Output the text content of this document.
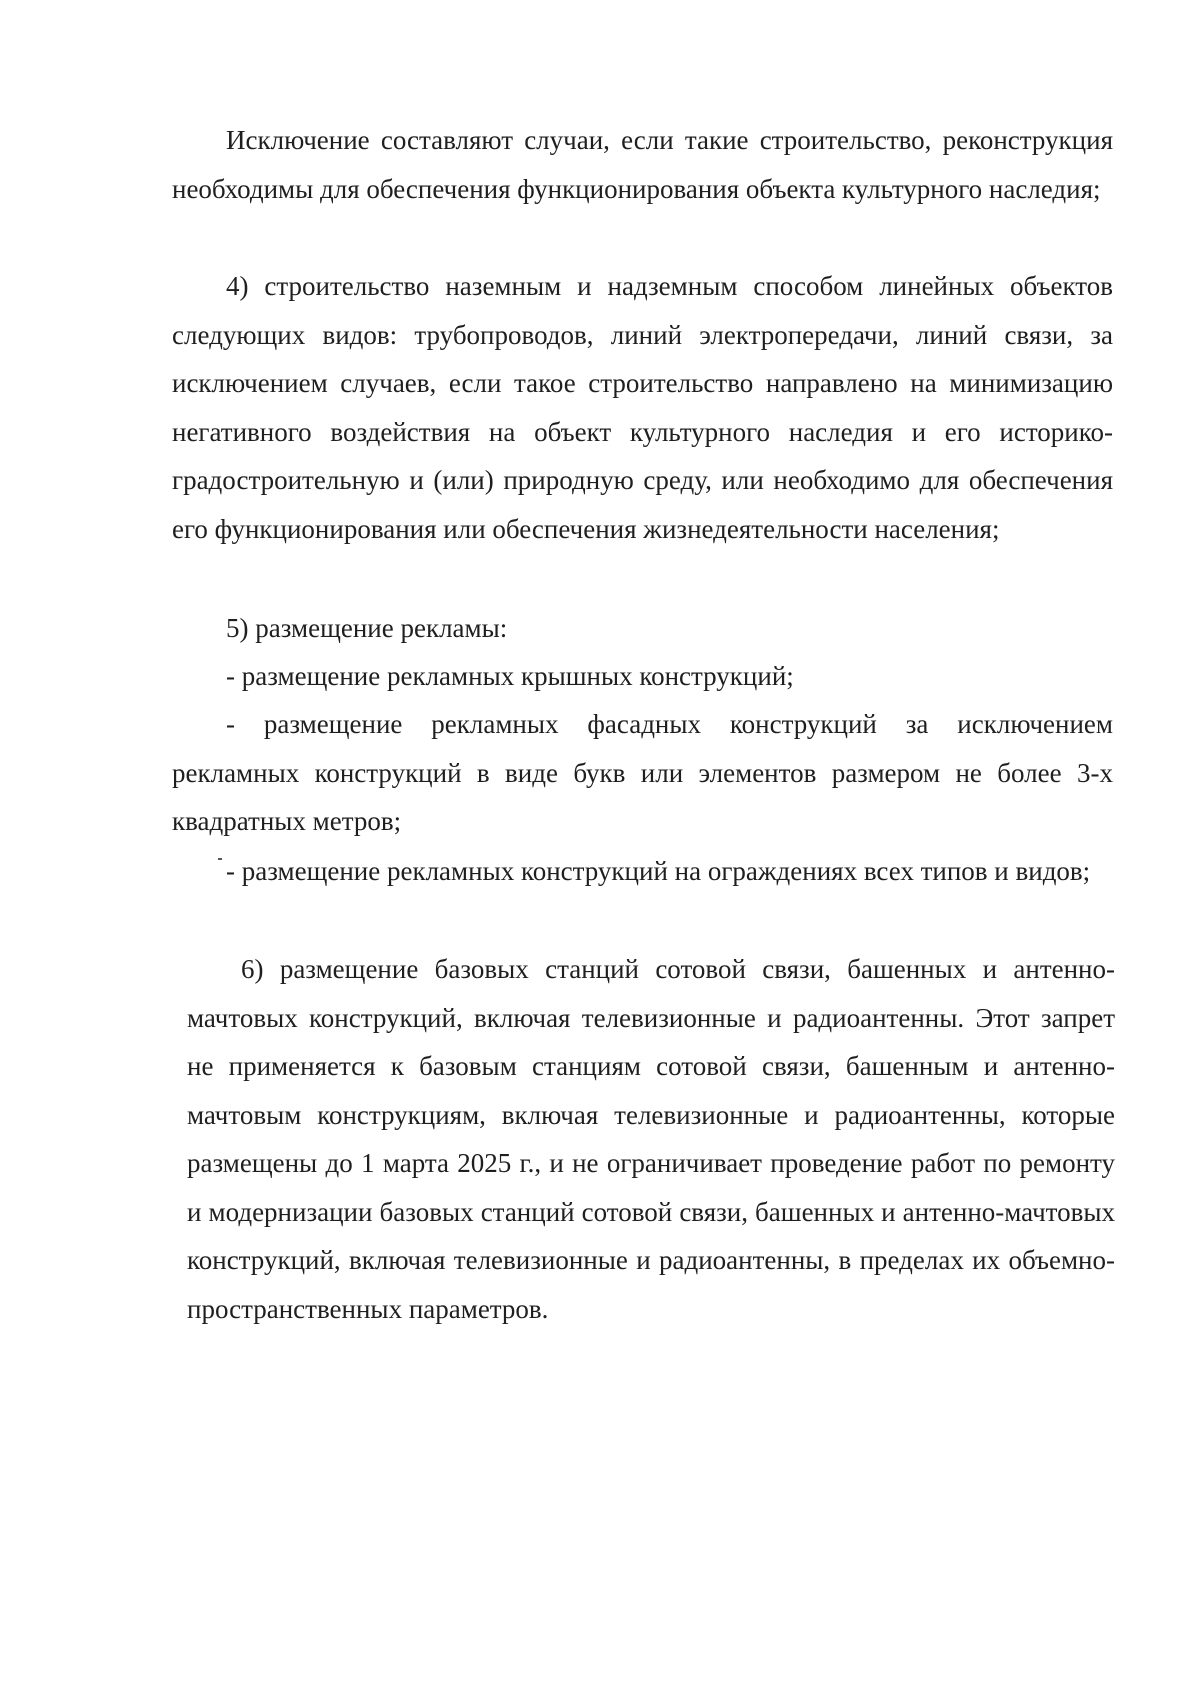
Исключение составляют случаи, если такие строительство, реконструкция необходимы для обеспечения функционирования объекта культурного наследия;

4) строительство наземным и надземным способом линейных объектов следующих видов: трубопроводов, линий электропередачи, линий связи, за исключением случаев, если такое строительство направлено на минимизацию негативного воздействия на объект культурного наследия и его историко-градостроительную и (или) природную среду, или необходимо для обеспечения его функционирования или обеспечения жизнедеятельности населения;

5) размещение рекламы:

- размещение рекламных крышных конструкций;

- размещение рекламных фасадных конструкций за исключением рекламных конструкций в виде букв или элементов размером не более 3-х квадратных метров;

- размещение рекламных конструкций на ограждениях всех типов и видов;

6) размещение базовых станций сотовой связи, башенных и антенно-мачтовых конструкций, включая телевизионные и радиоантенны. Этот запрет не применяется к базовым станциям сотовой связи, башенным и антенно-мачтовым конструкциям, включая телевизионные и радиоантенны, которые размещены до 1 марта 2025 г., и не ограничивает проведение работ по ремонту и модернизации базовых станций сотовой связи, башенных и антенно-мачтовых конструкций, включая телевизионные и радиоантенны, в пределах их объемно- пространственных параметров.
